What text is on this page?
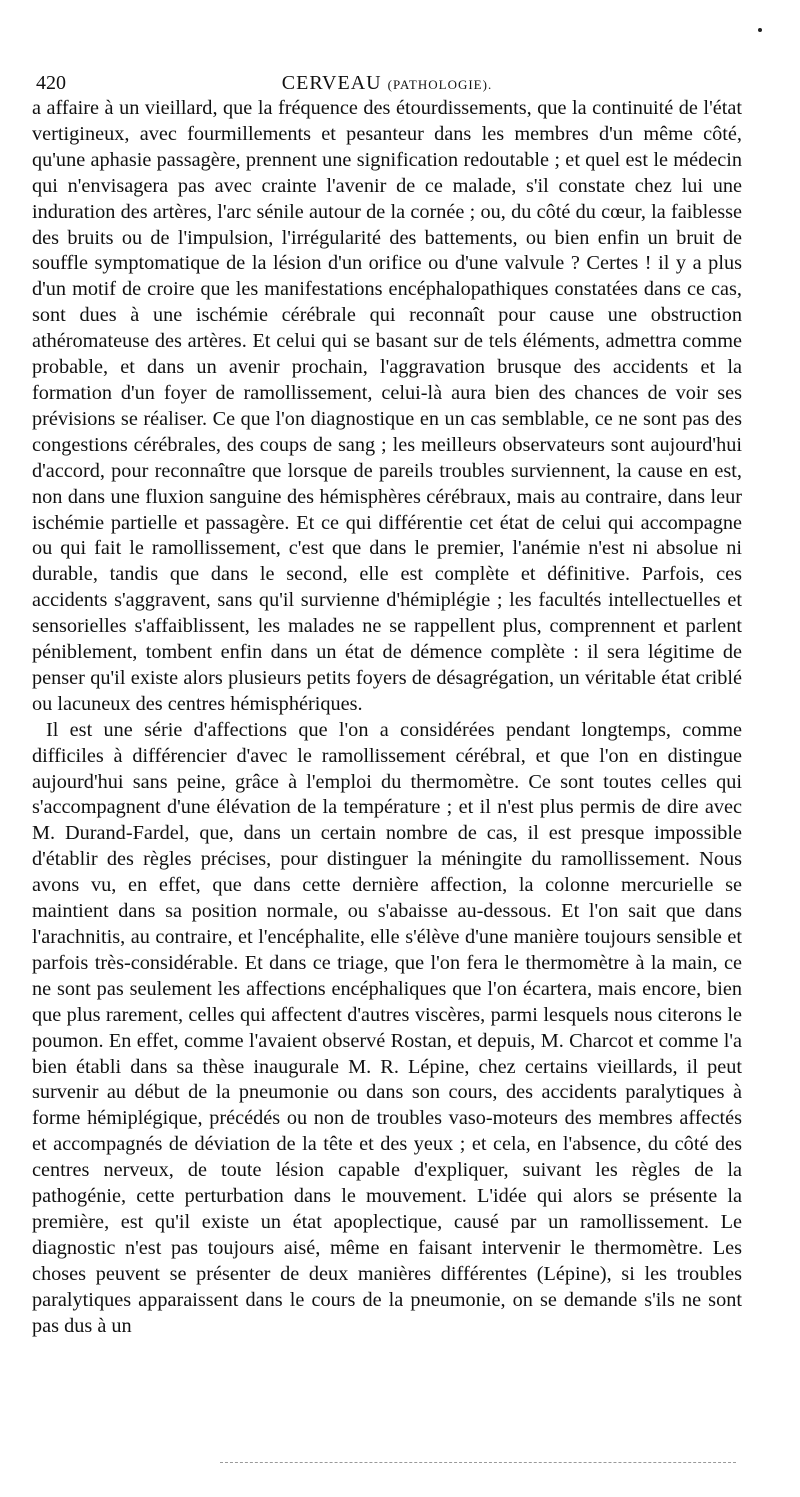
420	CERVEAU (PATHOLOGIE).

a affaire à un vieillard, que la fréquence des étourdissements, que la continuité de l'état vertigineux, avec fourmillements et pesanteur dans les membres d'un même côté, qu'une aphasie passagère, prennent une signification redoutable ; et quel est le médecin qui n'envisagera pas avec crainte l'avenir de ce malade, s'il constate chez lui une induration des artères, l'arc sénile autour de la cornée ; ou, du côté du cœur, la faiblesse des bruits ou de l'impulsion, l'irrégularité des battements, ou bien enfin un bruit de souffle symptomatique de la lésion d'un orifice ou d'une valvule ? Certes ! il y a plus d'un motif de croire que les manifestations encéphalopathiques constatées dans ce cas, sont dues à une ischémie cérébrale qui reconnaît pour cause une obstruction athéromateuse des artères. Et celui qui se basant sur de tels éléments, admettra comme probable, et dans un avenir prochain, l'aggravation brusque des accidents et la formation d'un foyer de ramollissement, celui-là aura bien des chances de voir ses prévisions se réaliser. Ce que l'on diagnostique en un cas semblable, ce ne sont pas des congestions cérébrales, des coups de sang ; les meilleurs observateurs sont aujourd'hui d'accord, pour reconnaître que lorsque de pareils troubles surviennent, la cause en est, non dans une fluxion sanguine des hémisphères cérébraux, mais au contraire, dans leur ischémie partielle et passagère. Et ce qui différentie cet état de celui qui accompagne ou qui fait le ramollissement, c'est que dans le premier, l'anémie n'est ni absolue ni durable, tandis que dans le second, elle est complète et définitive. Parfois, ces accidents s'aggravent, sans qu'il survienne d'hémiplégie ; les facultés intellectuelles et sensorielles s'affaiblissent, les malades ne se rappellent plus, comprennent et parlent péniblement, tombent enfin dans un état de démence complète : il sera légitime de penser qu'il existe alors plusieurs petits foyers de désagrégation, un véritable état criblé ou lacuneux des centres hémisphériques.

Il est une série d'affections que l'on a considérées pendant longtemps, comme difficiles à différencier d'avec le ramollissement cérébral, et que l'on en distingue aujourd'hui sans peine, grâce à l'emploi du thermomètre. Ce sont toutes celles qui s'accompagnent d'une élévation de la température ; et il n'est plus permis de dire avec M. Durand-Fardel, que, dans un certain nombre de cas, il est presque impossible d'établir des règles précises, pour distinguer la méningite du ramollissement. Nous avons vu, en effet, que dans cette dernière affection, la colonne mercurielle se maintient dans sa position normale, ou s'abaisse au-dessous. Et l'on sait que dans l'arachnitis, au contraire, et l'encéphalite, elle s'élève d'une manière toujours sensible et parfois très-considérable. Et dans ce triage, que l'on fera le thermomètre à la main, ce ne sont pas seulement les affections encéphaliques que l'on écartera, mais encore, bien que plus rarement, celles qui affectent d'autres viscères, parmi lesquels nous citerons le poumon. En effet, comme l'avaient observé Rostan, et depuis, M. Charcot et comme l'a bien établi dans sa thèse inaugurale M. R. Lépine, chez certains vieillards, il peut survenir au début de la pneumonie ou dans son cours, des accidents paralytiques à forme hémiplégique, précédés ou non de troubles vaso-moteurs des membres affectés et accompagnés de déviation de la tête et des yeux ; et cela, en l'absence, du côté des centres nerveux, de toute lésion capable d'expliquer, suivant les règles de la pathogénie, cette perturbation dans le mouvement. L'idée qui alors se présente la première, est qu'il existe un état apoplectique, causé par un ramollissement. Le diagnostic n'est pas toujours aisé, même en faisant intervenir le thermomètre. Les choses peuvent se présenter de deux manières différentes (Lépine), si les troubles paralytiques apparaissent dans le cours de la pneumonie, on se demande s'ils ne sont pas dus à un
